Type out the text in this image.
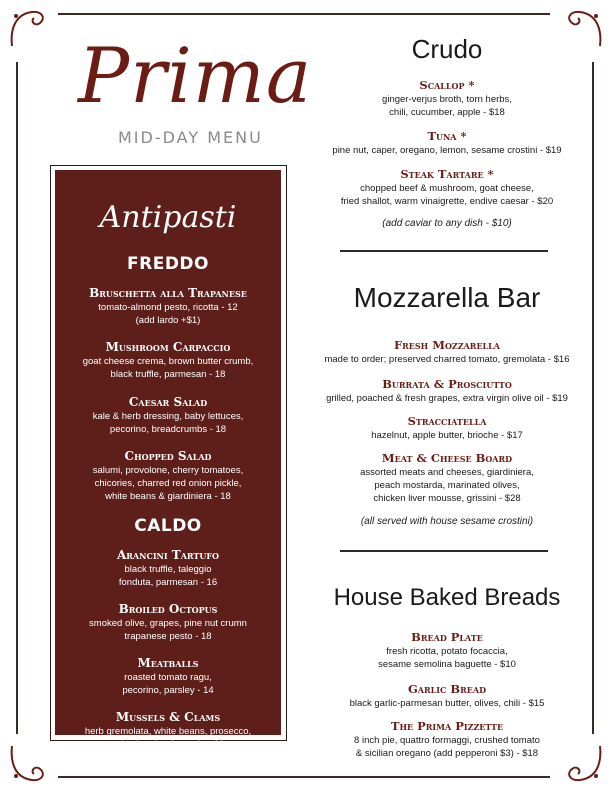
Prima
MID-DAY MENU
Antipasti
FREDDO
Bruschetta alla Trapanese
tomato-almond pesto, ricotta - 12
(add lardo +$1)
Mushroom Carpaccio
goat cheese crema, brown butter crumb,
black truffle, parmesan - 18
Caesar Salad
kale & herb dressing, baby lettuces,
pecorino, breadcrumbs - 18
Chopped Salad
salumi, provolone, cherry tomatoes,
chicories, charred red onion pickle,
white beans & giardiniera - 18
CALDO
Arancini Tartufo
black truffle, taleggio
fonduta, parmesan - 16
Broiled Octopus
smoked olive, grapes, pine nut crumn
trapanese pesto - 18
Meatballs
roasted tomato ragu,
pecorino, parsley - 14
Mussels & Clams
herb gremolata, white beans, prosecco,
salsa bomba, focaccia - 21
Crudo
Scallop *
ginger-verjus broth, torn herbs,
chili, cucumber, apple - $18
Tuna *
pine nut, caper, oregano, lemon, sesame crostini - $19
Steak Tartare *
chopped beef & mushroom, goat cheese,
fried shallot, warm vinaigrette, endive caesar - $20
(add caviar to any dish - $10)
Mozzarella Bar
Fresh Mozzarella
made to order; preserved charred tomato, gremolata - $16
Burrata & Prosciutto
grilled, poached & fresh grapes, extra virgin olive oil - $19
Stracciatella
hazelnut, apple butter, brioche - $17
Meat & Cheese Board
assorted meats and cheeses, giardiniera,
peach mostarda, marinated olives,
chicken liver mousse, grissini - $28
(all served with house sesame crostini)
House Baked Breads
Bread Plate
fresh ricotta, potato focaccia,
sesame semolina baguette - $10
Garlic Bread
black garlic-parmesan butter, olives, chili - $15
The Prima Pizzette
8 inch pie, quattro formaggi, crushed tomato
& sicilian oregano (add pepperoni $3) - $18
